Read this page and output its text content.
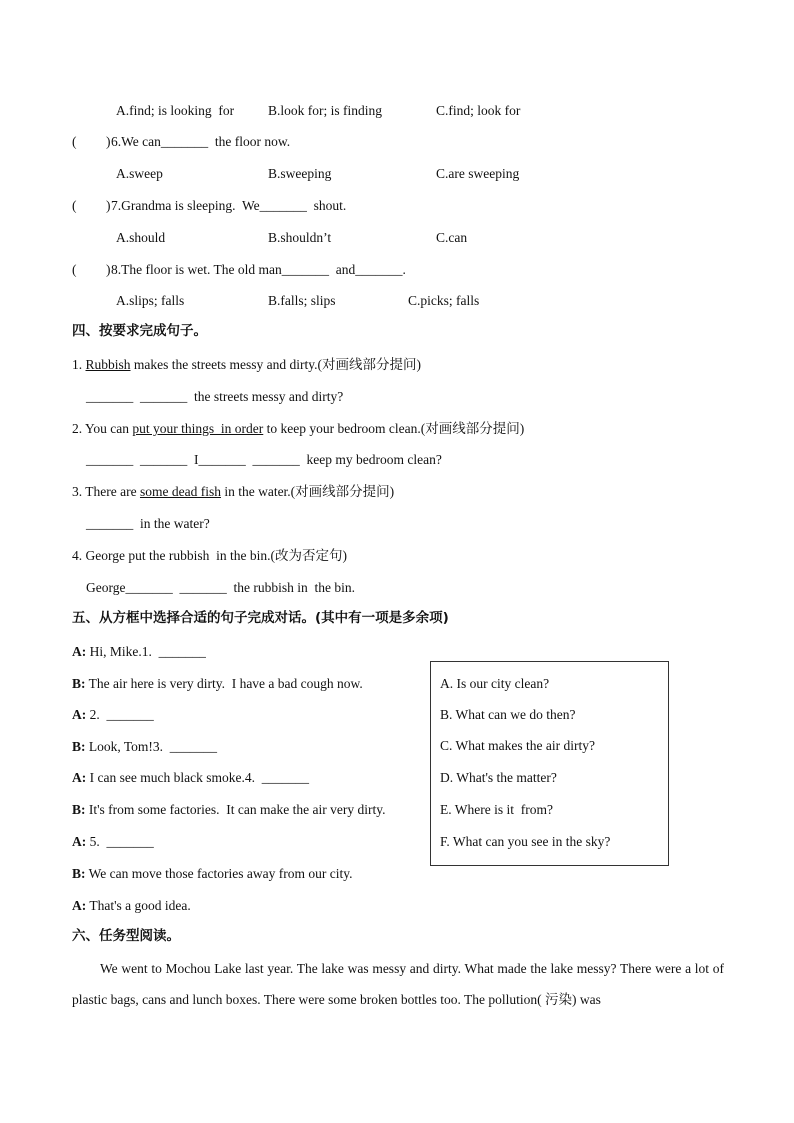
A.find; is looking  for	B.look for; is finding	C.find; look for
( ) 6.We can_______  the floor now.
A.sweep	B.sweeping	C.are sweeping
( ) 7.Grandma is sleeping.  We_______  shout.
A.should	B.shouldn’t	C.can
( ) 8.The floor is wet. The old man_______  and_______.
A.slips; falls	B.falls; slips	C.picks; falls
四、按要求完成句子。
1. Rubbish makes the streets messy and dirty.(对画线部分提问)
_______  _______  the streets messy and dirty?
2. You can put your things  in order to keep your bedroom clean.(对画线部分提问)
_______  _______  I_______  _______  keep my bedroom clean?
3. There are some dead fish in the water.(对画线部分提问)
_______  in the water?
4. George put the rubbish  in the bin.(改为否定句)
George_______  _______  the rubbish in  the bin.
五、从方框中选择合适的句子完成对话。(其中有一项是多余项)
A: Hi, Mike.1.  _______
B: The air here is very dirty.  I have a bad cough now.
A: 2.  _______
B: Look, Tom!3.  _______
A: I can see much black smoke.4.  _______
B: It's from some factories.  It can make the air very dirty.
A: 5.  _______
B: We can move those factories away from our city.
A: That's a good idea.
A. Is our city clean?
B. What can we do then?
C. What makes the air dirty?
D. What's the matter?
E. Where is it  from?
F. What can you see in the sky?
六、任务型阅读。
We went to Mochou Lake last year. The lake was messy and dirty. What made the lake messy? There were a lot of plastic bags, cans and lunch boxes. There were some broken bottles too. The pollution( 污染) was
